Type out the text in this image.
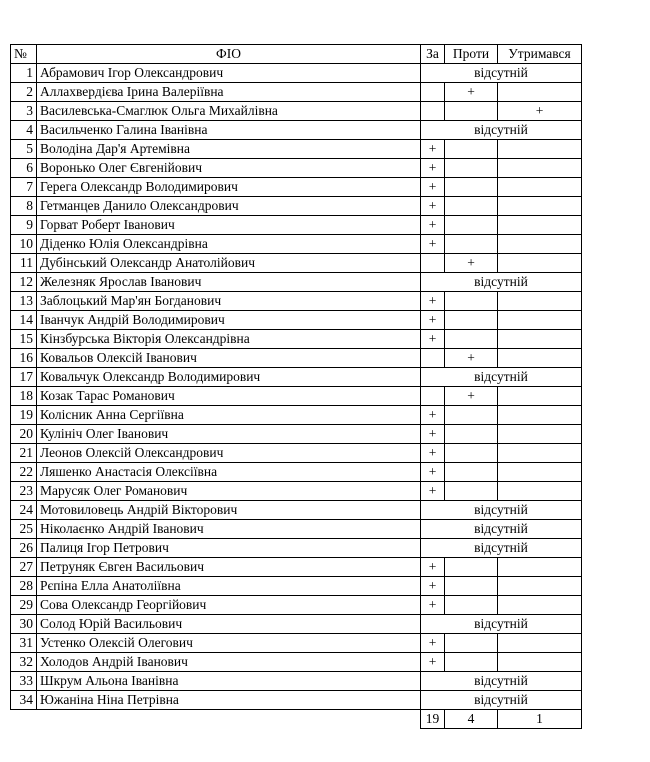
№	ФІО	За	Проти	Утримався
1	Абрамович Ігор Олександрович	відсутній		
2	Аллахвердієва Ірина Валеріївна		+	
3	Василевська-Смаглюк Ольга Михайлівна			+
4	Васильченко Галина Іванівна	відсутній		
5	Володіна Дар'я Артемівна	+		
6	Воронько Олег Євгенійович	+		
7	Герега Олександр Володимирович	+		
8	Гетманцев Данило Олександрович	+		
9	Горват Роберт Іванович	+		
10	Діденко Юлія Олександрівна	+		
11	Дубінський Олександр Анатолійович		+	
12	Железняк Ярослав Іванович	відсутній		
13	Заблоцький Мар'ян Богданович	+		
14	Іванчук Андрій Володимирович	+		
15	Кінзбурська Вікторія Олександрівна	+		
16	Ковальов Олексій Іванович		+	
17	Ковальчук Олександр Володимирович	відсутній		
18	Козак Тарас Романович		+	
19	Колісник Анна Сергіївна	+		
20	Кулініч Олег Іванович	+		
21	Леонов Олексій Олександрович	+		
22	Ляшенко Анастасія Олексіївна	+		
23	Марусяк Олег Романович	+		
24	Мотовиловець Андрій Вікторович	відсутній		
25	Ніколаєнко Андрій Іванович	відсутній		
26	Палиця Ігор Петрович	відсутній		
27	Петруняк Євген Васильович	+		
28	Рєпіна Елла Анатоліївна	+		
29	Сова Олександр Георгійович	+		
30	Солод Юрій Васильович	відсутній		
31	Устенко Олексій Олегович	+		
32	Холодов Андрій Іванович	+		
33	Шкрум Альона Іванівна	відсутній		
34	Южаніна Ніна Петрівна	відсутній		
		19	4	1
